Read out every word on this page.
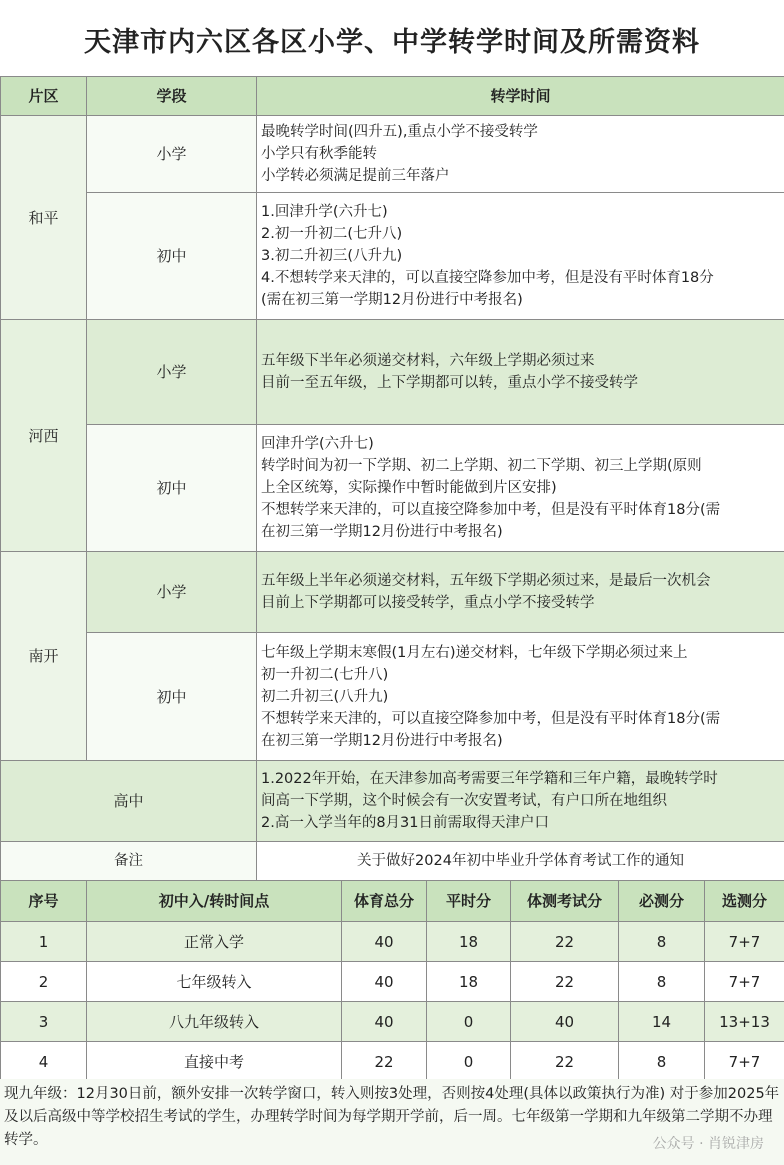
天津市内六区各区小学、中学转学时间及所需资料
片区	学段	转学时间
和平	小学	最晚转学时间(四升五),重点小学不接受转学
小学只有秋季能转
小学转必须满足提前三年落户

	初中	1.回津升学(六升七)
2.初一升初二(七升八)
3.初二升初三(八升九)
4.不想转学来天津的，可以直接空降参加中考，但是没有平时体育18分
(需在初三第一学期12月份进行中考报名)

河西	小学	五年级下半年必须递交材料，六年级上学期必须过来
目前一至五年级，上下学期都可以转，重点小学不接受转学

	初中	回津升学(六升七)
转学时间为初一下学期、初二上学期、初二下学期、初三上学期(原则
上全区统筹，实际操作中暂时能做到片区安排)
不想转学来天津的，可以直接空降参加中考，但是没有平时体育18分(需
在初三第一学期12月份进行中考报名)

南开	小学	五年级上半年必须递交材料，五年级下学期必须过来，是最后一次机会
目前上下学期都可以接受转学，重点小学不接受转学

	初中	七年级上学期末寒假(1月左右)递交材料，七年级下学期必须过来上
初一升初二(七升八)
初二升初三(八升九)
不想转学来天津的，可以直接空降参加中考，但是没有平时体育18分(需
在初三第一学期12月份进行中考报名)

高中		1.2022年开始，在天津参加高考需要三年学籍和三年户籍，最晚转学时
间高一下学期，这个时候会有一次安置考试，有户口所在地组织
2.高一入学当年的8月31日前需取得天津户口

备注		关于做好2024年初中毕业升学体育考试工作的通知
序号	初中入/转时间点	体育总分	平时分	体测考试分	必测分	选测分
1	正常入学	40	18	22	8	7+7
2	七年级转入	40	18	22	8	7+7
3	八九年级转入	40	0	40	14	13+13
4	直接中考	22	0	22	8	7+7
现九年级：12月30日前，额外安排一次转学窗口，转入则按3处理，否则按4处理(具体以政策执行为准) 对于参加2025年及以后高级中等学校招生考试的学生，办理转学时间为每学期开学前，后一周。七年级第一学期和九年级第二学期不办理转学。	公众号 · 肖锐津房
